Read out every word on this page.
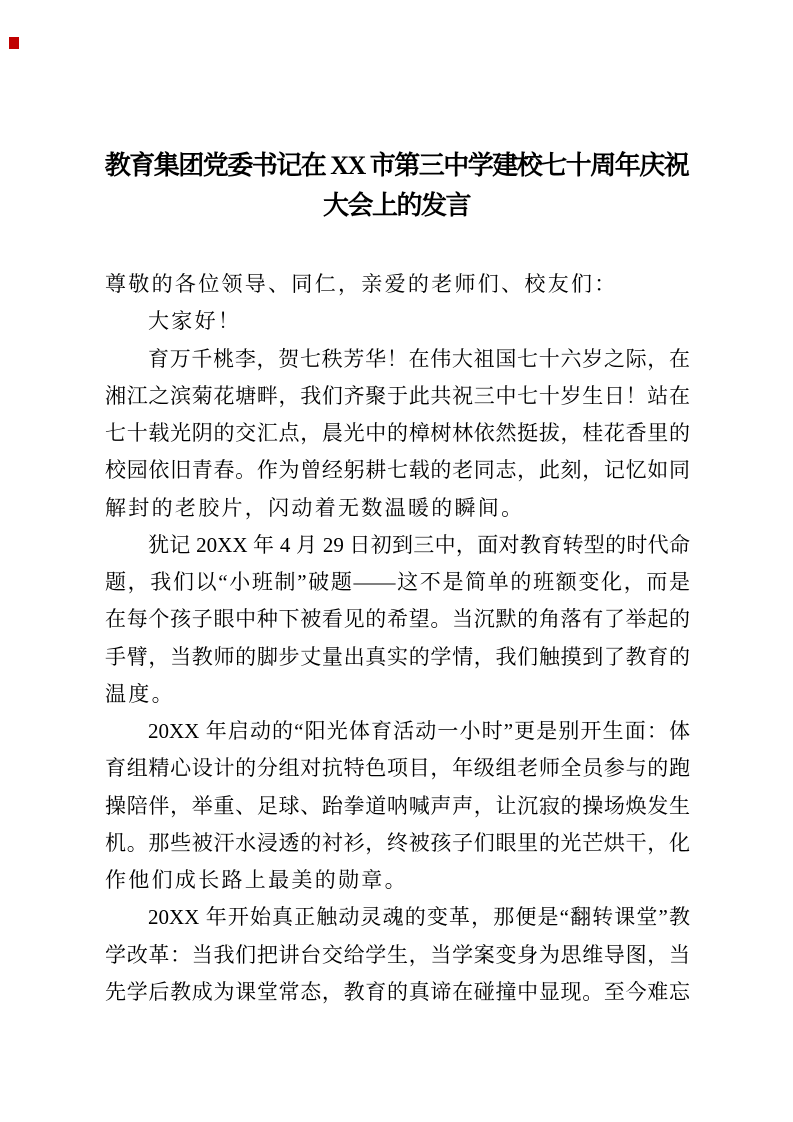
教育集团党委书记在 XX 市第三中学建校七十周年庆祝
大会上的发言
尊敬的各位领导、同仁，亲爱的老师们、校友们：
大家好！
育万千桃李，贺七秩芳华！在伟大祖国七十六岁之际，在
湘江之滨菊花塘畔，我们齐聚于此共祝三中七十岁生日！站在
七十载光阴的交汇点，晨光中的樟树林依然挺拔，桂花香里的
校园依旧青春。作为曾经躬耕七载的老同志，此刻，记忆如同
解封的老胶片，闪动着无数温暖的瞬间。
犹记 20XX 年 4 月 29 日初到三中，面对教育转型的时代命
题，我们以“小班制”破题——这不是简单的班额变化，而是
在每个孩子眼中种下被看见的希望。当沉默的角落有了举起的
手臂，当教师的脚步丈量出真实的学情，我们触摸到了教育的
温度。
20XX 年启动的“阳光体育活动一小时”更是别开生面：体
育组精心设计的分组对抗特色项目，年级组老师全员参与的跑
操陪伴，举重、足球、跆拳道呐喊声声，让沉寂的操场焕发生
机。那些被汗水浸透的衬衫，终被孩子们眼里的光芒烘干，化
作他们成长路上最美的勋章。
20XX 年开始真正触动灵魂的变革，那便是“翻转课堂”教
学改革：当我们把讲台交给学生，当学案变身为思维导图，当
先学后教成为课堂常态，教育的真谛在碰撞中显现。至今难忘
